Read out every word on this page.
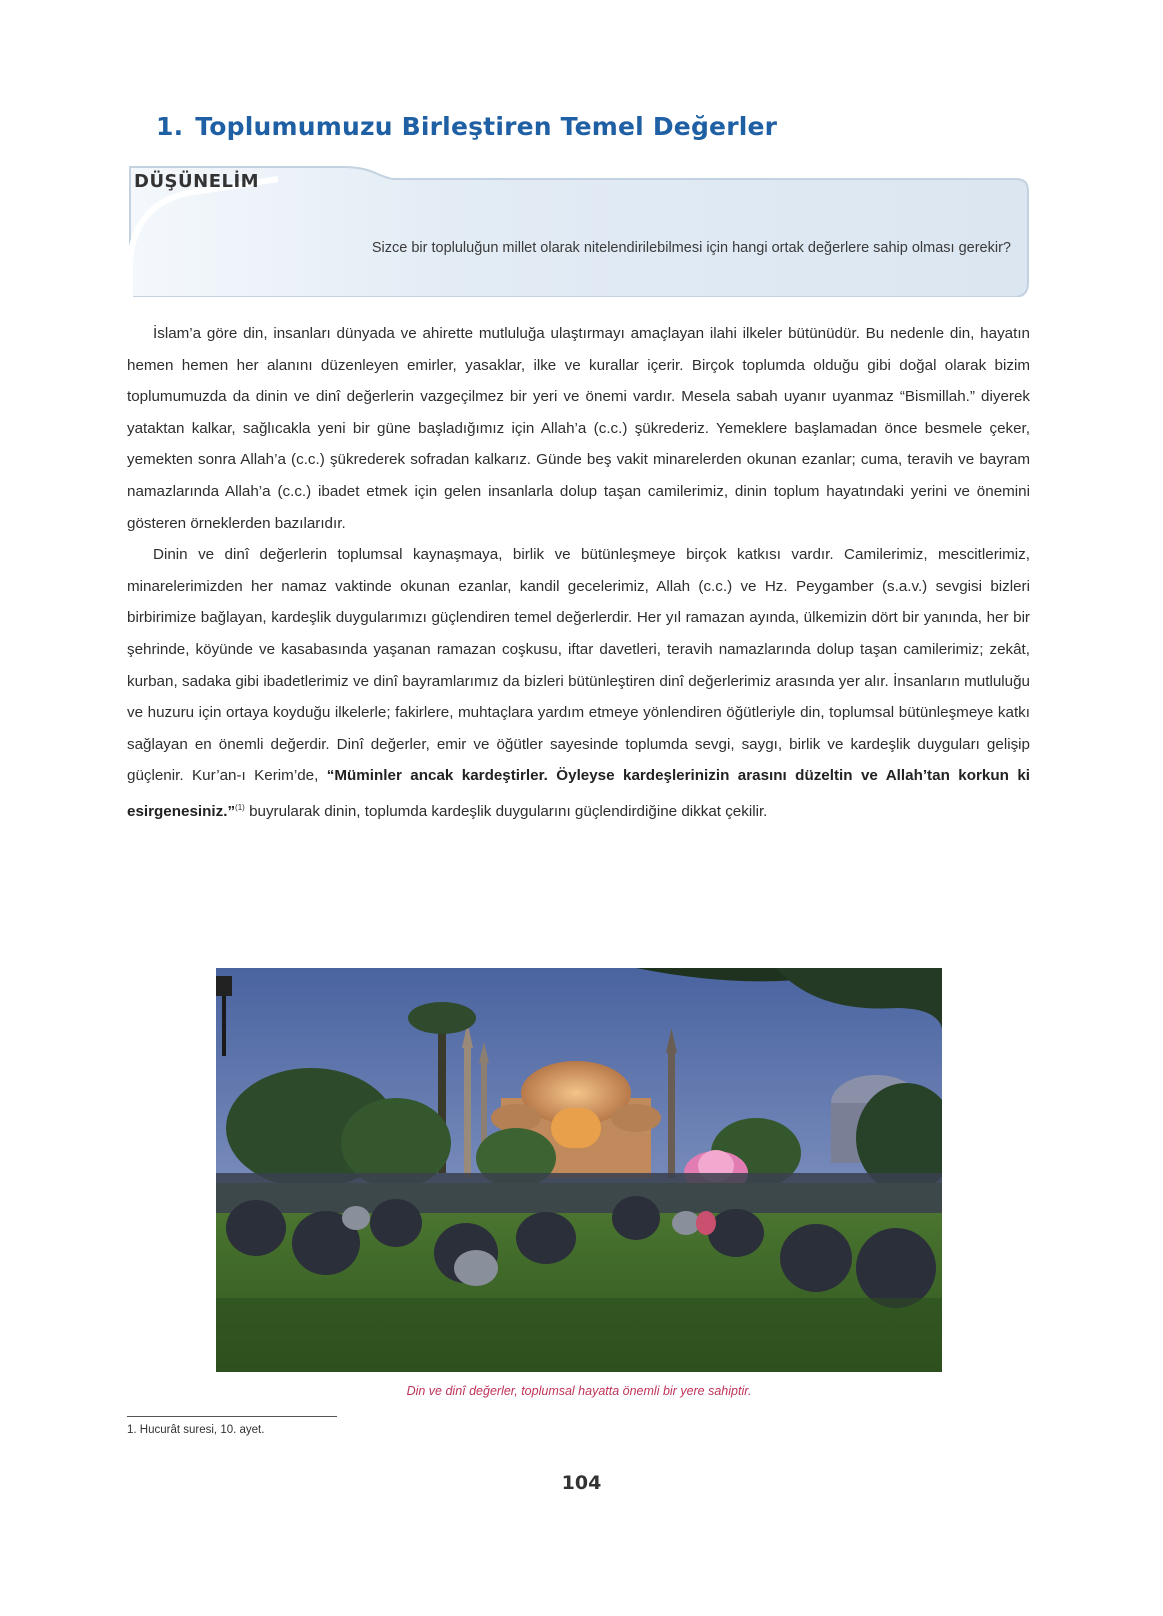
1. Toplumumuzu Birleştiren Temel Değerler

DÜŞÜNELİM

Sizce bir topluluğun millet olarak nitelendirilebilmesi için hangi ortak değerlere sahip olması gerekir?

İslam’a göre din, insanları dünyada ve ahirette mutluluğa ulaştırmayı amaçlayan ilahi ilkeler bütünüdür. Bu nedenle din, hayatın hemen hemen her alanını düzenleyen emirler, yasaklar, ilke ve kurallar içerir. Birçok toplumda olduğu gibi doğal olarak bizim toplumumuzda da dinin ve dinî değerlerin vazgeçilmez bir yeri ve önemi vardır. Mesela sabah uyanır uyanmaz “Bismillah.” diyerek yataktan kalkar, sağlıcakla yeni bir güne başladığımız için Allah’a (c.c.) şükrederiz. Yemeklere başlamadan önce besmele çeker, yemekten sonra Allah’a (c.c.) şükrederek sofradan kalkarız. Günde beş vakit minarelerden okunan ezanlar; cuma, teravih ve bayram namazlarında Allah’a (c.c.) ibadet etmek için gelen insanlarla dolup taşan camilerimiz, dinin toplum hayatındaki yerini ve önemini gösteren örneklerden bazılarıdır.

Dinin ve dinî değerlerin toplumsal kaynaşmaya, birlik ve bütünleşmeye birçok katkısı vardır. Camilerimiz, mescitlerimiz, minarelerimizden her namaz vaktinde okunan ezanlar, kandil gecelerimiz, Allah (c.c.) ve Hz. Peygamber (s.a.v.) sevgisi bizleri birbirimize bağlayan, kardeşlik duygularımızı güçlendiren temel değerlerdir. Her yıl ramazan ayında, ülkemizin dört bir yanında, her bir şehrinde, köyünde ve kasabasında yaşanan ramazan coşkusu, iftar davetleri, teravih namazlarında dolup taşan camilerimiz; zekât, kurban, sadaka gibi ibadetlerimiz ve dinî bayramlarımız da bizleri bütünleştiren dinî değerlerimiz arasında yer alır. İnsanların mutluluğu ve huzuru için ortaya koyduğu ilkelerle; fakirlere, muhtaçlara yardım etmeye yönlendiren öğütleriyle din, toplumsal bütünleşmeye katkı sağlayan en önemli değerdir. Dinî değerler, emir ve öğütler sayesinde toplumda sevgi, saygı, birlik ve kardeşlik duyguları gelişip güçlenir. Kur’an-ı Kerim’de, “Müminler ancak kardeştirler. Öyleyse kardeşlerinizin arasını düzeltin ve Allah’tan korkun ki esirgenesiniz.”$^{(1)}$ buyrularak dinin, toplumda kardeşlik duygularını güçlendirdiğine dikkat çekilir.

Din ve dinî değerler, toplumsal hayatta önemli bir yere sahiptir.

1. Hucurât suresi, 10. ayet.

104
